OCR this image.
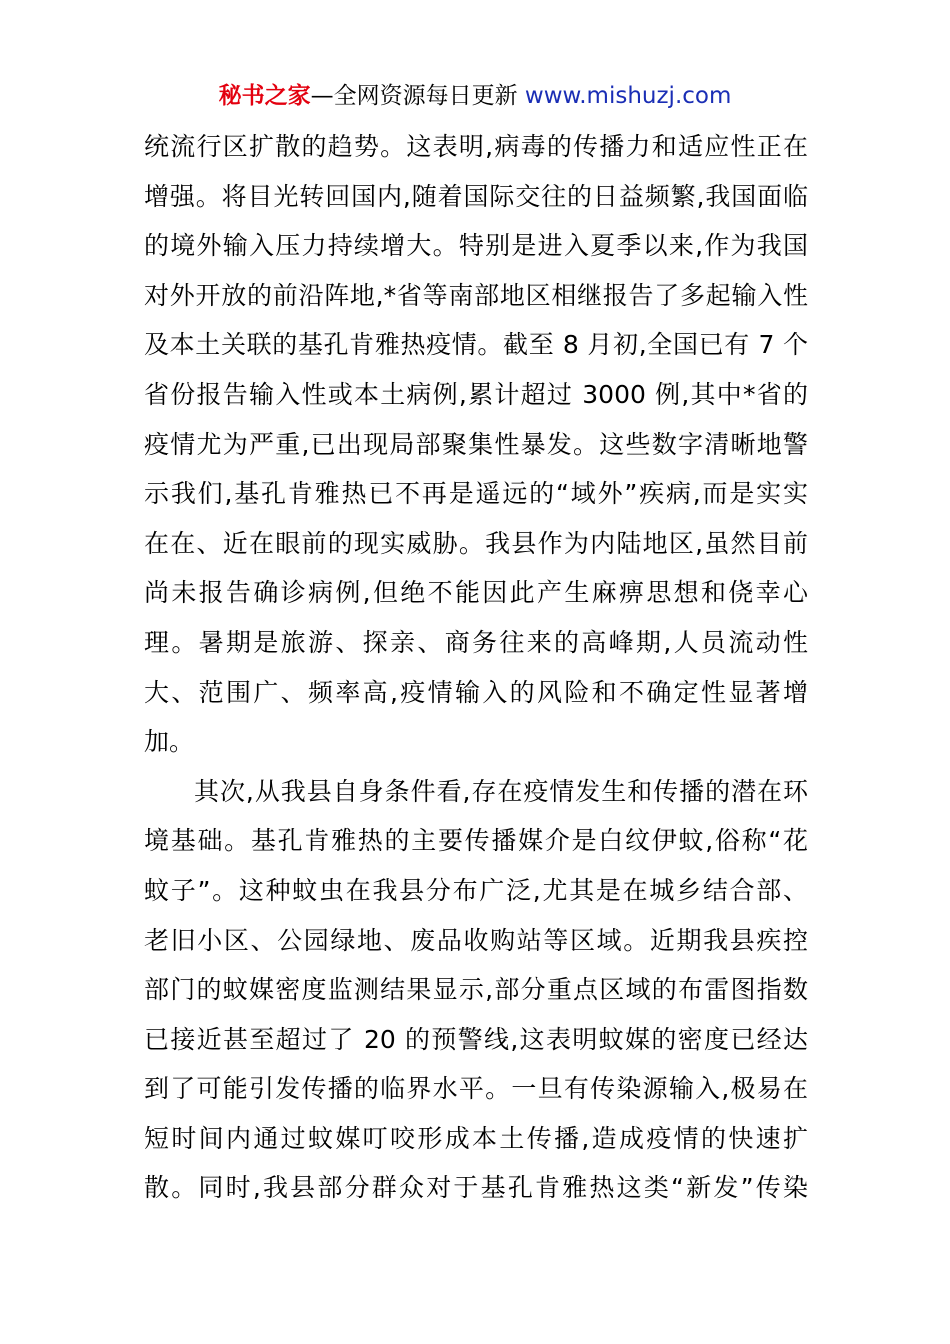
秘书之家—全网资源每日更新 www.mishuzj.com

统流行区扩散的趋势。这表明,病毒的传播力和适应性正在
增强。将目光转回国内,随着国际交往的日益频繁,我国面临
的境外输入压力持续增大。特别是进入夏季以来,作为我国
对外开放的前沿阵地,*省等南部地区相继报告了多起输入性
及本土关联的基孔肯雅热疫情。截至 8 月初,全国已有 7 个
省份报告输入性或本土病例,累计超过 3000 例,其中*省的
疫情尤为严重,已出现局部聚集性暴发。这些数字清晰地警
示我们,基孔肯雅热已不再是遥远的“域外”疾病,而是实实
在在、近在眼前的现实威胁。我县作为内陆地区,虽然目前
尚未报告确诊病例,但绝不能因此产生麻痹思想和侥幸心
理。暑期是旅游、探亲、商务往来的高峰期,人员流动性
大、范围广、频率高,疫情输入的风险和不确定性显著增
加。

其次,从我县自身条件看,存在疫情发生和传播的潜在环
境基础。基孔肯雅热的主要传播媒介是白纹伊蚊,俗称“花
蚊子”。这种蚊虫在我县分布广泛,尤其是在城乡结合部、
老旧小区、公园绿地、废品收购站等区域。近期我县疾控
部门的蚊媒密度监测结果显示,部分重点区域的布雷图指数
已接近甚至超过了 20 的预警线,这表明蚊媒的密度已经达
到了可能引发传播的临界水平。一旦有传染源输入,极易在
短时间内通过蚊媒叮咬形成本土传播,造成疫情的快速扩
散。同时,我县部分群众对于基孔肯雅热这类“新发”传染
